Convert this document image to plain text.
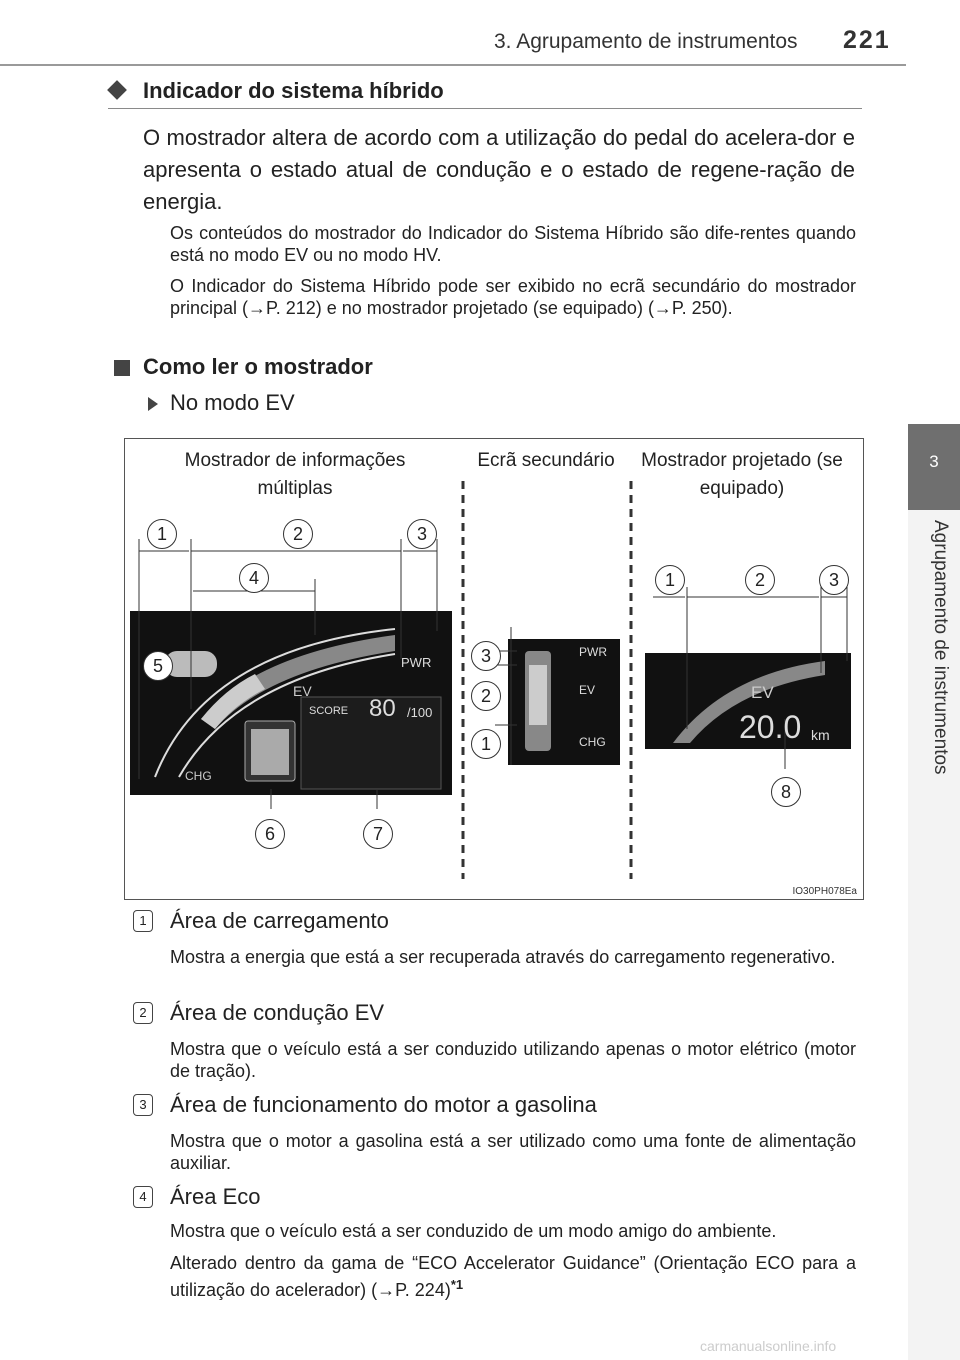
3. Agrupamento de instrumentos 221
3
Agrupamento de instrumentos
Indicador do sistema híbrido
O mostrador altera de acordo com a utilização do pedal do acelera-dor e apresenta o estado atual de condução e o estado de regene-ração de energia.
Os conteúdos do mostrador do Indicador do Sistema Híbrido são dife-rentes quando está no modo EV ou no modo HV.
O Indicador do Sistema Híbrido pode ser exibido no ecrã secundário do mostrador principal (→P. 212) e no mostrador projetado (se equipado) (→P. 250).
Como ler o mostrador
No modo EV
Mostrador de informações múltiplas
Ecrã secundário	Mostrador projetado (se equipado)
EV
PWR
CHG
SCORE 80 /100
PWR
EV
CHG
EV
20.0 km
1	2	3
4
5
6	7
3
2
1
1	2	3
8
IO30PH078Ea
1 Área de carregamento
Mostra a energia que está a ser recuperada através do carregamento regenerativo.
2 Área de condução EV
Mostra que o veículo está a ser conduzido utilizando apenas o motor elétrico (motor de tração).
3 Área de funcionamento do motor a gasolina
Mostra que o motor a gasolina está a ser utilizado como uma fonte de alimentação auxiliar.
4 Área Eco
Mostra que o veículo está a ser conduzido de um modo amigo do ambiente.
Alterado dentro da gama de “ECO Accelerator Guidance” (Orientação ECO para a utilização do acelerador) (→P. 224)$^{*1}$
carmanualsonline.info
